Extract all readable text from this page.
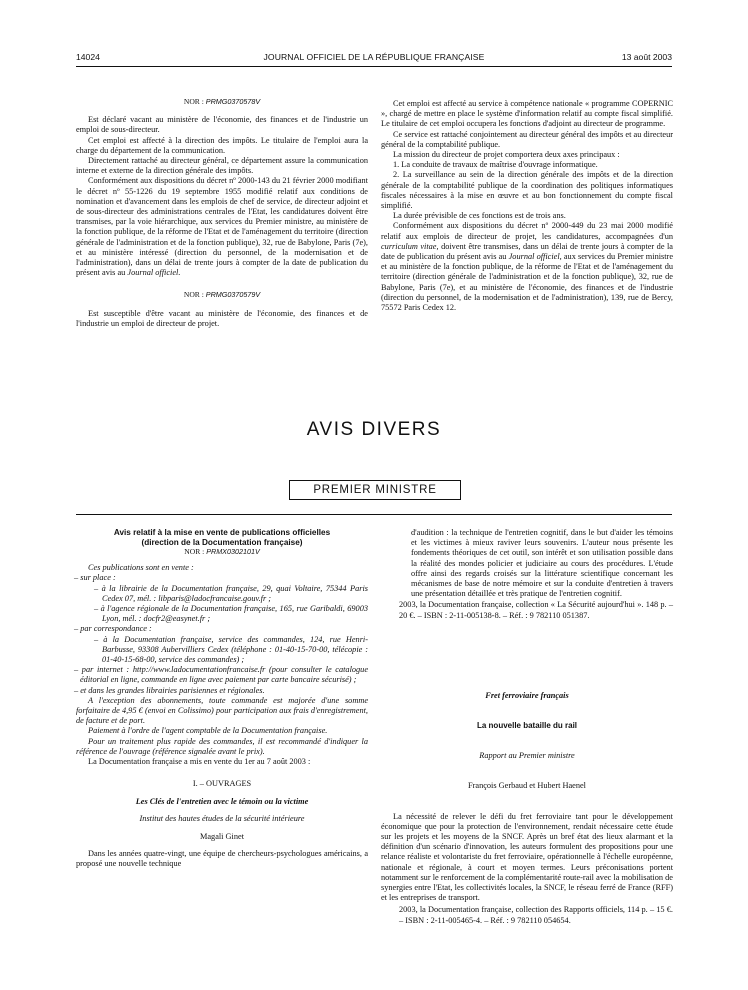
14024	JOURNAL OFFICIEL DE LA RÉPUBLIQUE FRANÇAISE	13 août 2003
NOR : PRMG0370578V

Est déclaré vacant au ministère de l'économie, des finances et de l'industrie un emploi de sous-directeur.

Cet emploi est affecté à la direction des impôts. Le titulaire de l'emploi aura la charge du département de la communication.

Directement rattaché au directeur général, ce département assure la communication interne et externe de la direction générale des impôts.

Conformément aux dispositions du décret nº 2000-143 du 21 février 2000 modifiant le décret nº 55-1226 du 19 septembre 1955 modifié relatif aux conditions de nomination et d'avancement dans les emplois de chef de service, de directeur adjoint et de sous-directeur des administrations centrales de l'Etat, les candidatures doivent être transmises, par la voie hiérarchique, aux services du Premier ministre, au ministère de la fonction publique, de la réforme de l'Etat et de l'aménagement du territoire (direction générale de l'administration et de la fonction publique), 32, rue de Babylone, Paris (7e), et au ministère intéressé (direction du personnel, de la modernisation et de l'administration), dans un délai de trente jours à compter de la date de publication du présent avis au Journal officiel.

NOR : PRMG0370579V

Est susceptible d'être vacant au ministère de l'économie, des finances et de l'industrie un emploi de directeur de projet.

Cet emploi est affecté au service à compétence nationale « programme COPERNIC », chargé de mettre en place le système d'information relatif au compte fiscal simplifié. Le titulaire de cet emploi occupera les fonctions d'adjoint au directeur de programme.

Ce service est rattaché conjointement au directeur général des impôts et au directeur général de la comptabilité publique.

La mission du directeur de projet comportera deux axes principaux :

1. La conduite de travaux de maîtrise d'ouvrage informatique.

2. La surveillance au sein de la direction générale des impôts et de la direction générale de la comptabilité publique de la coordination des politiques informatiques fiscales nécessaires à la mise en œuvre et au bon fonctionnement du compte fiscal simplifié.

La durée prévisible de ces fonctions est de trois ans.

Conformément aux dispositions du décret nº 2000-449 du 23 mai 2000 modifié relatif aux emplois de directeur de projet, les candidatures, accompagnées d'un curriculum vitae, doivent être transmises, dans un délai de trente jours à compter de la date de publication du présent avis au Journal officiel, aux services du Premier ministre et au ministère de la fonction publique, de la réforme de l'Etat et de l'aménagement du territoire (direction générale de l'administration et de la fonction publique), 32, rue de Babylone, Paris (7e), et au ministère de l'économie, des finances et de l'industrie (direction du personnel, de la modernisation et de l'administration), 139, rue de Bercy, 75572 Paris Cedex 12.

AVIS DIVERS
PREMIER MINISTRE
Avis relatif à la mise en vente de publications officielles
(direction de la Documentation française)
NOR : PRMX0302101V

Ces publications sont en vente :

– sur place :
– à la librairie de la Documentation française, 29, quai Voltaire, 75344 Paris Cedex 07, mél. : libparis@ladocfrancaise.gouv.fr ;
– à l'agence régionale de la Documentation française, 165, rue Garibaldi, 69003 Lyon, mél. : docfr2@easynet.fr ;
– par correspondance :
– à la Documentation française, service des commandes, 124, rue Henri-Barbusse, 93308 Aubervilliers Cedex (téléphone : 01-40-15-70-00, télécopie : 01-40-15-68-00, service des commandes) ;
– par internet : http://www.ladocumentationfrancaise.fr (pour consulter le catalogue éditorial en ligne, commande en ligne avec paiement par carte bancaire sécurisé) ;
– et dans les grandes librairies parisiennes et régionales.

A l'exception des abonnements, toute commande est majorée d'une somme forfaitaire de 4,95 € (envoi en Colissimo) pour participation aux frais d'enregistrement, de facture et de port.

Paiement à l'ordre de l'agent comptable de la Documentation française.

Pour un traitement plus rapide des commandes, il est recommandé d'indiquer la référence de l'ouvrage (référence signalée avant le prix).

La Documentation française a mis en vente du 1er au 7 août 2003 :

I. – OUVRAGES
Les Clés de l'entretien avec le témoin ou la victime
Institut des hautes études de la sécurité intérieure
Magali Ginet

Dans les années quatre-vingt, une équipe de chercheurs-psychologues américains, a proposé une nouvelle technique

d'audition : la technique de l'entretien cognitif, dans le but d'aider les témoins et les victimes à mieux raviver leurs souvenirs. L'auteur nous présente les fondements théoriques de cet outil, son intérêt et son utilisation possible dans la réalité des mondes policier et judiciaire au cours des procédures. L'étude offre ainsi des regards croisés sur la littérature scientifique concernant les mécanismes de base de notre mémoire et sur la conduite d'entretien à travers une présentation détaillée et très pratique de l'entretien cognitif.

2003, la Documentation française, collection « La Sécurité aujourd'hui ». 148 p. – 20 €. – ISBN : 2-11-005138-8. – Réf. : 9 782110 051387.

Fret ferroviaire français
La nouvelle bataille du rail
Rapport au Premier ministre
François Gerbaud et Hubert Haenel

La nécessité de relever le défi du fret ferroviaire tant pour le développement économique que pour la protection de l'environnement, rendait nécessaire cette étude sur les projets et les moyens de la SNCF. Après un bref état des lieux alarmant et la définition d'un scénario d'innovation, les auteurs formulent des propositions pour une relance réaliste et volontariste du fret ferroviaire, opérationnelle à l'échelle européenne, nationale et régionale, à court et moyen termes. Leurs préconisations portent notamment sur le renforcement de la complémentarité route-rail avec la mobilisation de synergies entre l'Etat, les collectivités locales, la SNCF, le réseau ferré de France (RFF) et les entreprises de transport.

2003, la Documentation française, collection des Rapports officiels, 114 p. – 15 €. – ISBN : 2-11-005465-4. – Réf. : 9 782110 054654.
